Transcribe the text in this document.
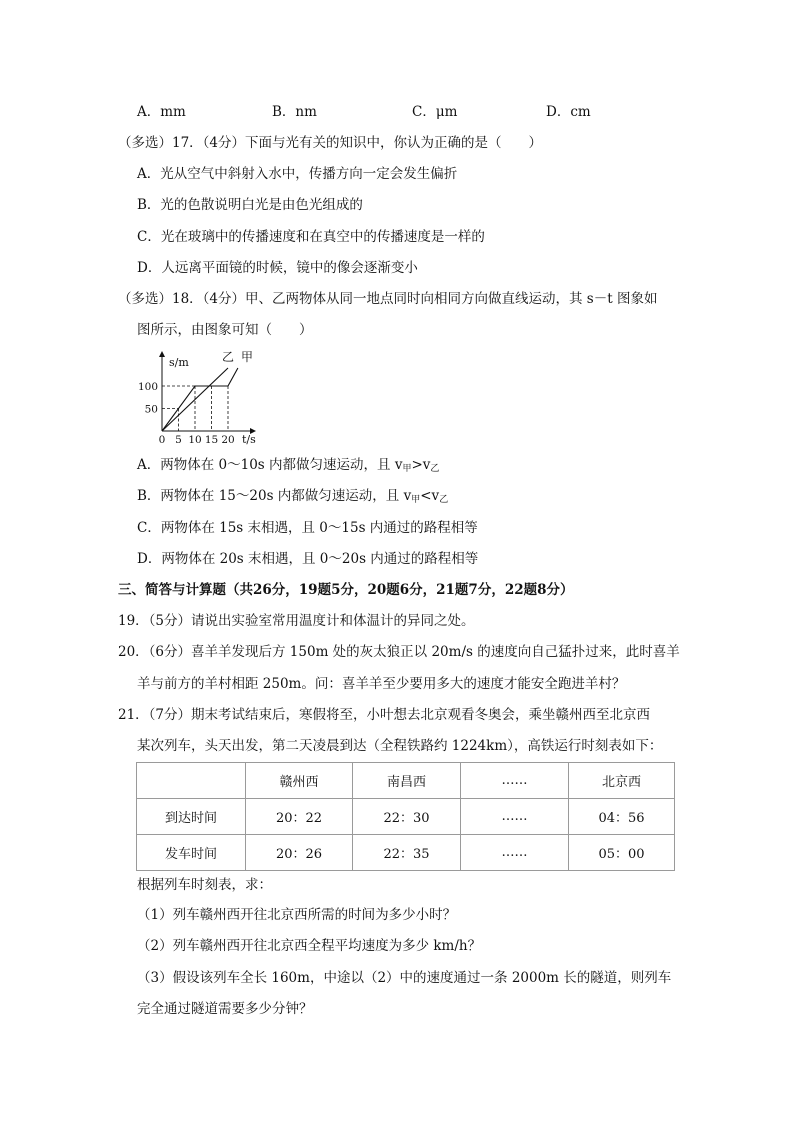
A．mm	B．nm	C．μm	D．cm
（多选）17．（4分）下面与光有关的知识中，你认为正确的是（　　）
A．光从空气中斜射入水中，传播方向一定会发生偏折
B．光的色散说明白光是由色光组成的
C．光在玻璃中的传播速度和在真空中的传播速度是一样的
D．人远离平面镜的时候，镜中的像会逐渐变小
（多选）18．（4分）甲、乙两物体从同一地点同时向相同方向做直线运动，其 s－t 图象如
图所示，由图象可知（　　）
0 5 10 15 20
50
100
s/m
t/s
乙 甲
A．两物体在 0～10s 内都做匀速运动，且 $v_甲>v_乙$
B．两物体在 15～20s 内都做匀速运动，且 $v_甲<v_乙$
C．两物体在 15s 末相遇，且 0～15s 内通过的路程相等
D．两物体在 20s 末相遇，且 0～20s 内通过的路程相等
三、简答与计算题（共26分，19题5分，20题6分，21题7分，22题8分）
19．（5分）请说出实验室常用温度计和体温计的异同之处。
20．（6分）喜羊羊发现后方 150m 处的灰太狼正以 20m/s 的速度向自己猛扑过来，此时喜羊
羊与前方的羊村相距 250m。问：喜羊羊至少要用多大的速度才能安全跑进羊村？
21．（7分）期末考试结束后，寒假将至，小叶想去北京观看冬奥会，乘坐赣州西至北京西
某次列车，头天出发，第二天凌晨到达（全程铁路约 1224km），高铁运行时刻表如下：
	赣州西	南昌西	……	北京西
到达时间	20：22	22：30	……	04：56
发车时间	20：26	22：35	……	05：00
根据列车时刻表，求：
（1）列车赣州西开往北京西所需的时间为多少小时？
（2）列车赣州西开往北京西全程平均速度为多少 km/h？
（3）假设该列车全长 160m，中途以（2）中的速度通过一条 2000m 长的隧道，则列车
完全通过隧道需要多少分钟？
